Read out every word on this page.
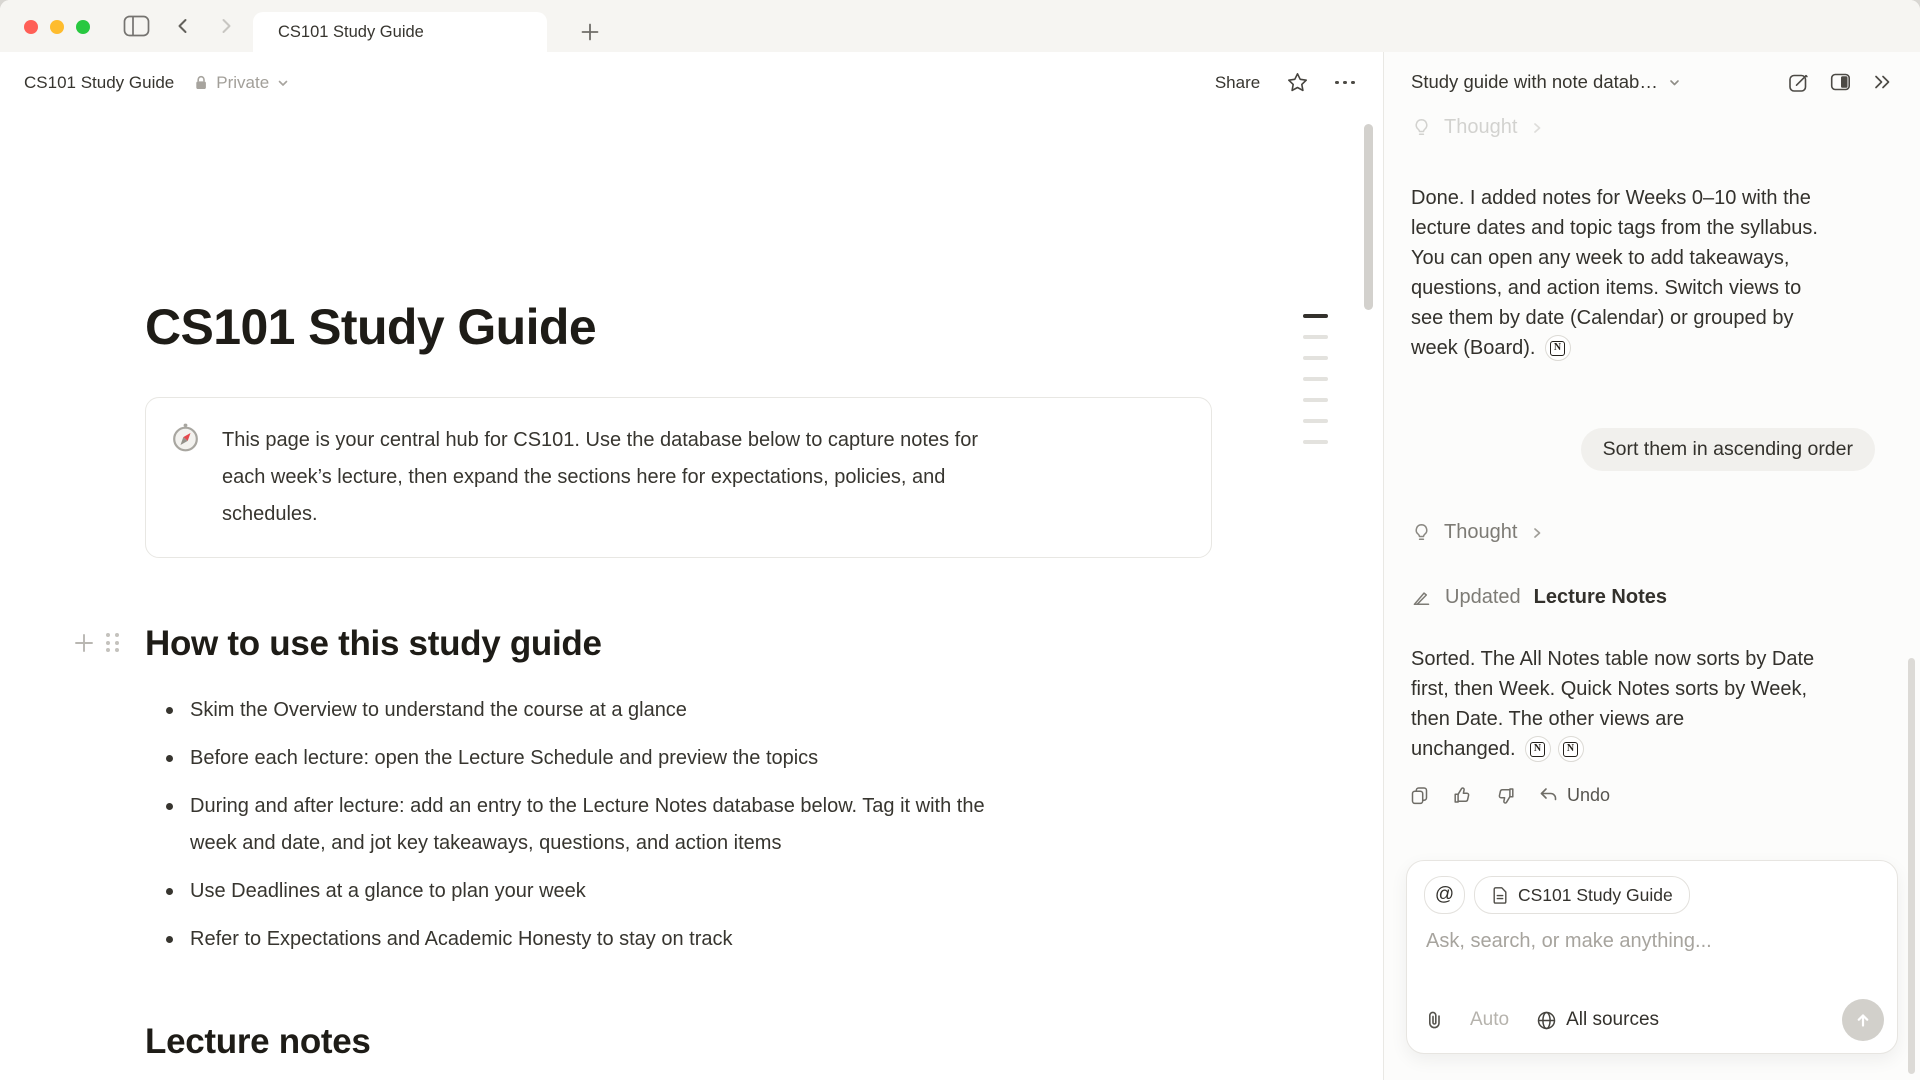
CS101 Study Guide
CS101 Study Guide Private	Share
CS101 Study Guide
This page is your central hub for CS101. Use the database below to capture notes for
each week’s lecture, then expand the sections here for expectations, policies, and
schedules.
How to use this study guide
Skim the Overview to understand the course at a glance
Before each lecture: open the Lecture Schedule and preview the topics
During and after lecture: add an entry to the Lecture Notes database below. Tag it with the
week and date, and jot key takeaways, questions, and action items
Use Deadlines at a glance to plan your week
Refer to Expectations and Academic Honesty to stay on track
Lecture notes
Study guide with note datab…
Thought
Done. I added notes for Weeks 0–10 with the
lecture dates and topic tags from the syllabus.
You can open any week to add takeaways,
questions, and action items. Switch views to
see them by date (Calendar) or grouped by
week (Board).	N
Sort them in ascending order
Thought
Updated Lecture Notes
Sorted. The All Notes table now sorts by Date
first, then Week. Quick Notes sorts by Week,
then Date. The other views are
unchanged.	N	N
Undo
@	CS101 Study Guide
Ask, search, or make anything...
Auto	All sources
